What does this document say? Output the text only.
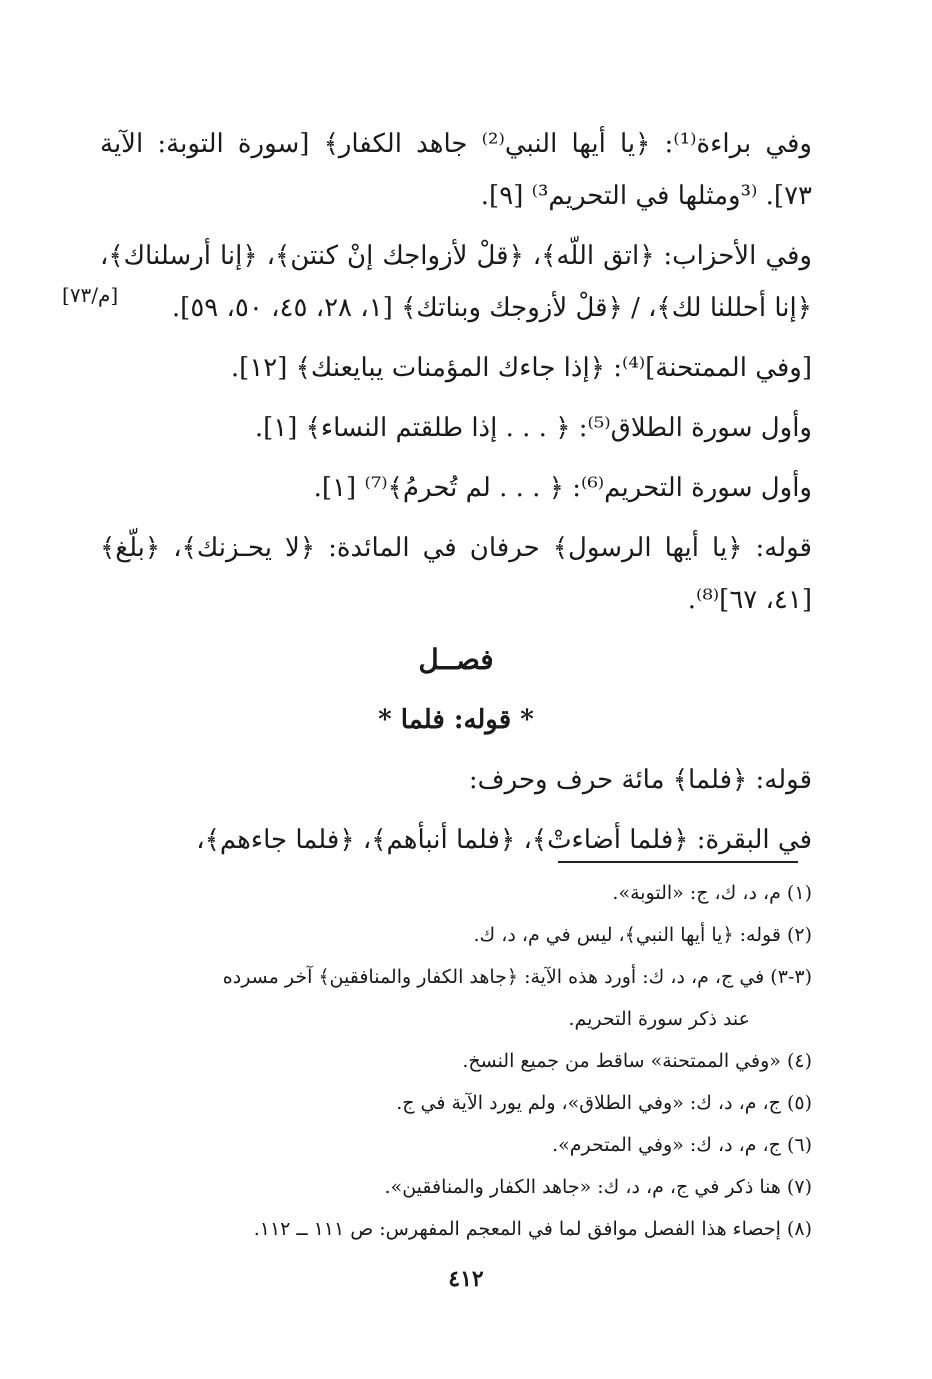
وفي براءة⁽¹⁾: ﴿يا أيها النبي⁽²⁾ جاهد الكفار﴾ [سورة التوبة: الآية ٧٣]. ⁽³ومثلها في التحريم³⁾ [٩].

وفي الأحزاب: ﴿اتق اللّه﴾، ﴿قلْ لأزواجك إنْ كنتن﴾، ﴿إنا أرسلناك﴾، ﴿إنا أحللنا لك﴾، / ﴿قلْ لأزوجك وبناتك﴾ [١، ٢٨، ٤٥، ٥٠، ٥٩].

[وفي الممتحنة]⁽⁴⁾: ﴿إذا جاءك المؤمنات يبايعنك﴾ [١٢].

وأول سورة الطلاق⁽⁵⁾: ﴿ . . . إذا طلقتم النساء﴾ [١].

وأول سورة التحريم⁽⁶⁾: ﴿ . . . لم تُحرمُ﴾⁽⁷⁾ [١].

قوله: ﴿يا أيها الرسول﴾ حرفان في المائدة: ﴿لا يحـزنك﴾، ﴿بلّغ﴾ [٤١، ٦٧]⁽⁸⁾.

فصــل

* قوله: فلما *

قوله: ﴿فلما﴾ مائة حرف وحرف:

في البقرة: ﴿فلما أضاءتْ﴾، ﴿فلما أنبأهم﴾، ﴿فلما جاءهم﴾،

[م/٧٣]

(١) م، د، ك، ج: «التوبة».

(٢) قوله: ﴿يا أيها النبي﴾، ليس في م، د، ك.

(٣-٣) في ج، م، د، ك: أورد هذه الآية: ﴿جاهد الكفار والمنافقين﴾ آخر مسرده

عند ذكر سورة التحريم.

(٤) «وفي الممتحنة» ساقط من جميع النسخ.

(٥) ج، م، د، ك: «وفي الطلاق»، ولم يورد الآية في ج.

(٦) ج، م، د، ك: «وفي المتحرم».

(٧) هنا ذكر في ج، م، د، ك: «جاهد الكفار والمنافقين».

(٨) إحصاء هذا الفصل موافق لما في المعجم المفهرس: ص ١١١ ــ ١١٢.

٤١٢
